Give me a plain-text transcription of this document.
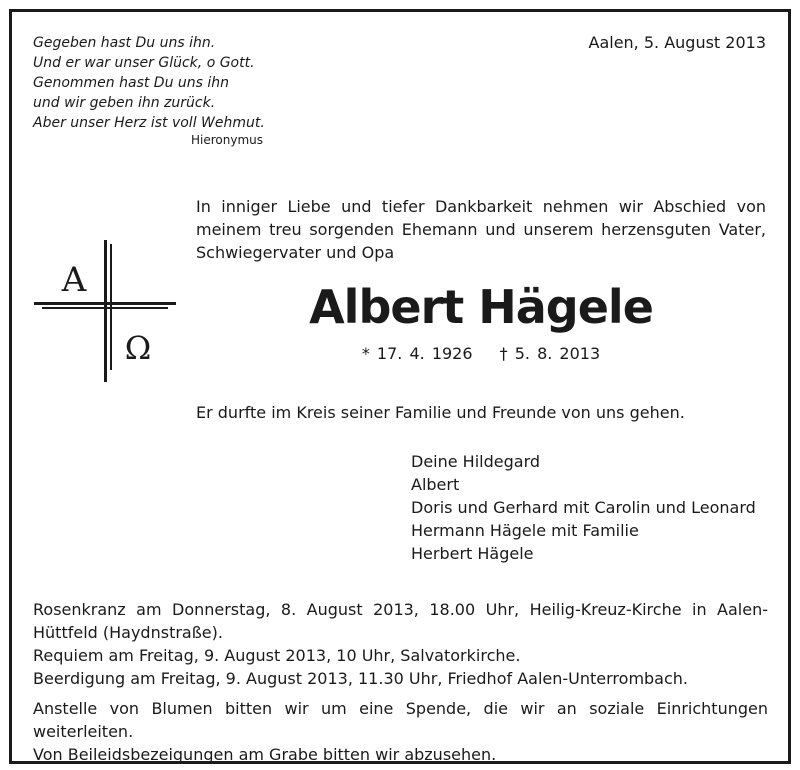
Gegeben hast Du uns ihn.
Und er war unser Glück, o Gott.
Genommen hast Du uns ihn
und wir geben ihn zurück.
Aber unser Herz ist voll Wehmut.
Hieronymus
Aalen, 5. August 2013
In inniger Liebe und tiefer Dankbarkeit nehmen wir Abschied von meinem treu sorgenden Ehemann und unserem herzensguten Vater, Schwiegervater und Opa
A
Ω
Albert Hägele
* 17. 4. 1926 † 5. 8. 2013
Er durfte im Kreis seiner Familie und Freunde von uns gehen.
Deine Hildegard
Albert
Doris und Gerhard mit Carolin und Leonard
Hermann Hägele mit Familie
Herbert Hägele
Rosenkranz am Donnerstag, 8. August 2013, 18.00 Uhr, Heilig-Kreuz-Kirche in Aalen-
Hüttfeld (Haydnstraße).
Requiem am Freitag, 9. August 2013, 10 Uhr, Salvatorkirche.
Beerdigung am Freitag, 9. August 2013, 11.30 Uhr, Friedhof Aalen-Unterrombach.
Anstelle von Blumen bitten wir um eine Spende, die wir an soziale Einrichtungen weiterleiten.
Von Beileidsbezeigungen am Grabe bitten wir abzusehen.
